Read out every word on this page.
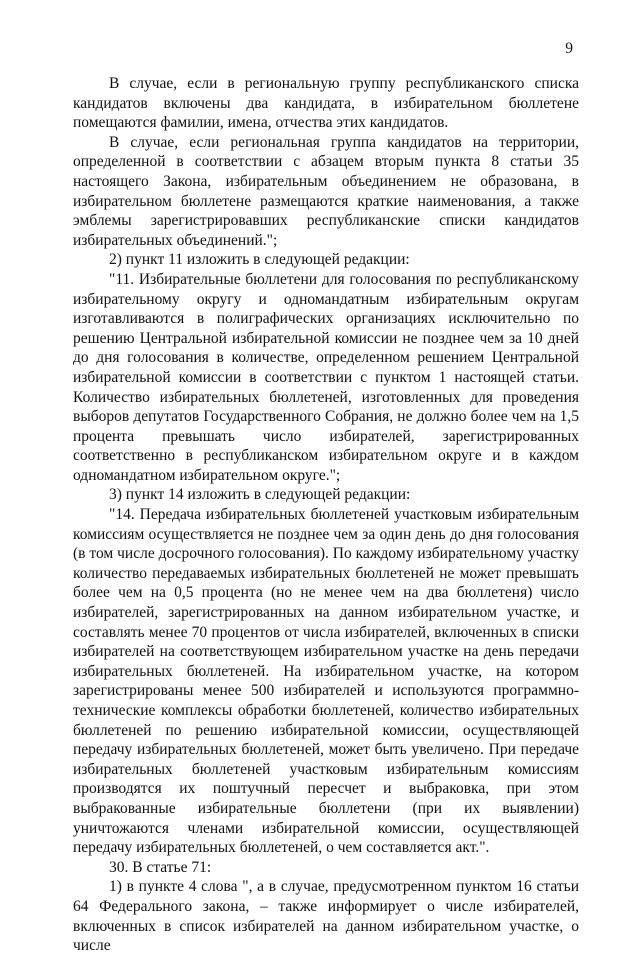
9

В случае, если в региональную группу республиканского списка кандидатов включены два кандидата, в избирательном бюллетене помещаются фамилии, имена, отчества этих кандидатов.

В случае, если региональная группа кандидатов на территории, определенной в соответствии с абзацем вторым пункта 8 статьи 35 настоящего Закона, избирательным объединением не образована, в избирательном бюллетене размещаются краткие наименования, а также эмблемы зарегистрировавших республиканские списки кандидатов избирательных объединений.";

2) пункт 11 изложить в следующей редакции:

"11. Избирательные бюллетени для голосования по республиканскому избирательному округу и одномандатным избирательным округам изготавливаются в полиграфических организациях исключительно по решению Центральной избирательной комиссии не позднее чем за 10 дней до дня голосования в количестве, определенном решением Центральной избирательной комиссии в соответствии с пунктом 1 настоящей статьи. Количество избирательных бюллетеней, изготовленных для проведения выборов депутатов Государственного Собрания, не должно более чем на 1,5 процента превышать число избирателей, зарегистрированных соответственно в республиканском избирательном округе и в каждом одномандатном избирательном округе.";

3) пункт 14 изложить в следующей редакции:

"14. Передача избирательных бюллетеней участковым избирательным комиссиям осуществляется не позднее чем за один день до дня голосования (в том числе досрочного голосования). По каждому избирательному участку количество передаваемых избирательных бюллетеней не может превышать более чем на 0,5 процента (но не менее чем на два бюллетеня) число избирателей, зарегистрированных на данном избирательном участке, и составлять менее 70 процентов от числа избирателей, включенных в списки избирателей на соответствующем избирательном участке на день передачи избирательных бюллетеней. На избирательном участке, на котором зарегистрированы менее 500 избирателей и используются программно-технические комплексы обработки бюллетеней, количество избирательных бюллетеней по решению избирательной комиссии, осуществляющей передачу избирательных бюллетеней, может быть увеличено. При передаче избирательных бюллетеней участковым избирательным комиссиям производятся их поштучный пересчет и выбраковка, при этом выбракованные избирательные бюллетени (при их выявлении) уничтожаются членами избирательной комиссии, осуществляющей передачу избирательных бюллетеней, о чем составляется акт.".

30. В статье 71:

1) в пункте 4 слова ", а в случае, предусмотренном пунктом 16 статьи 64 Федерального закона, – также информирует о числе избирателей, включенных в список избирателей на данном избирательном участке, о числе
